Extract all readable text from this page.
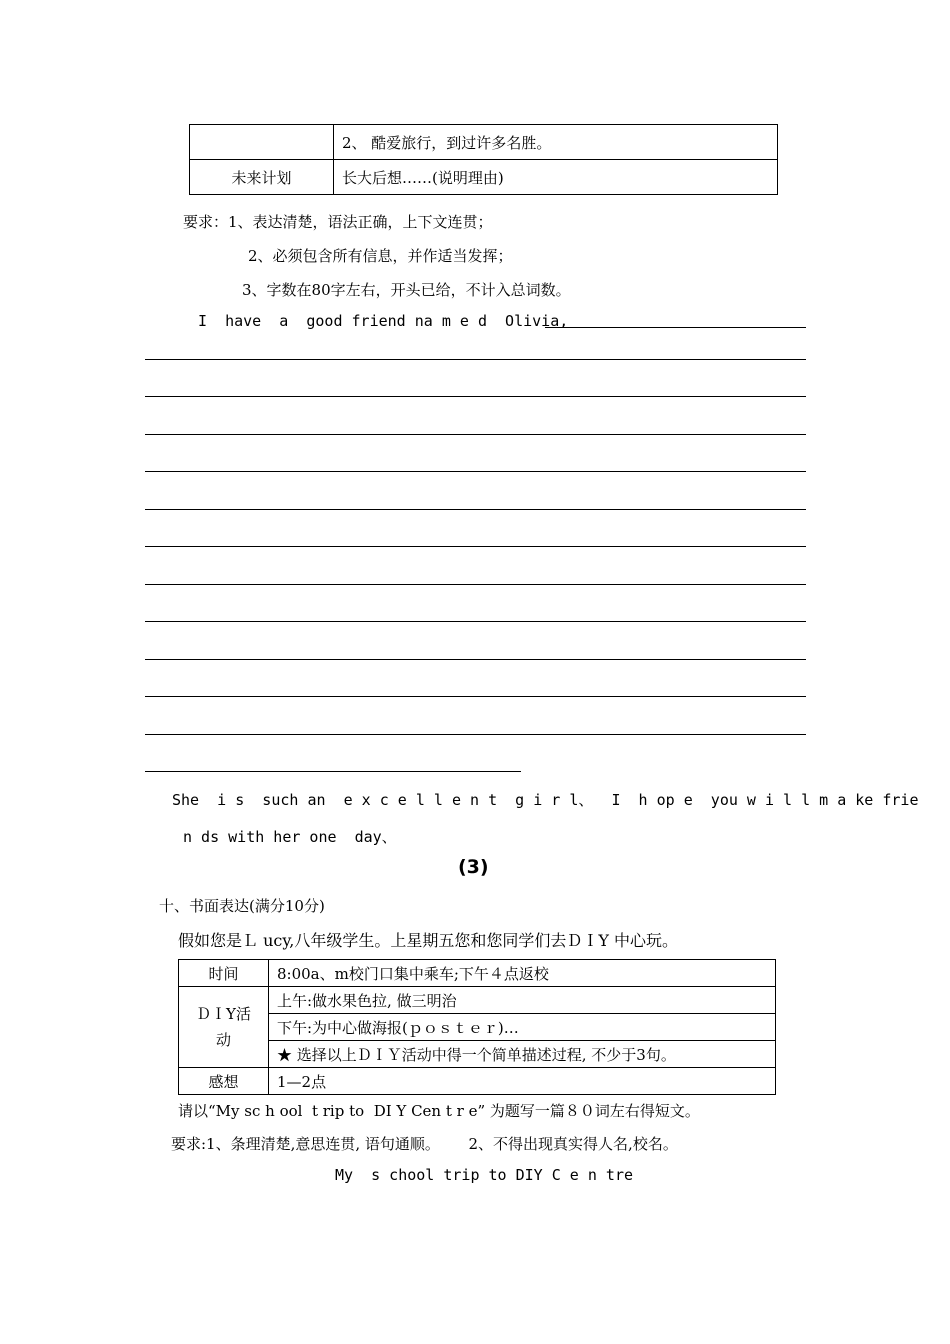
	2、 酷爱旅行，到过许多名胜。
未来计划	长大后想……(说明理由)
要求：1、表达清楚，语法正确，上下文连贯；
2、必须包含所有信息，并作适当发挥；
3、字数在80字左右，开头已给，不计入总词数。
I  have  a  good friend na m e d  Olivia,
She  i s  such an  e x c e l l e n t  g i r l、  I  h op e  you w i l l m a ke frie
n ds with her one  day、
(3)
十、书面表达(满分10分)
假如您是Ｌ ucy,八年级学生。上星期五您和您同学们去ＤＩY 中心玩。
时间	8:00a、m校门口集中乘车;下午４点返校
ＤＩY活动	上午:做水果色拉, 做三明治
	下午:为中心做海报(ｐｏｓｔｅｒ)…
	★ 选择以上ＤＩＹ活动中得一个简单描述过程, 不少于3句。
感想	1—2点
请以“My sc h ool  t rip to  DI Y Cen t r e” 为题写一篇８０词左右得短文。
要求:1、条理清楚,意思连贯, 语句通顺。      2、不得出现真实得人名,校名。
My  s chool trip to DIY C e n tre
